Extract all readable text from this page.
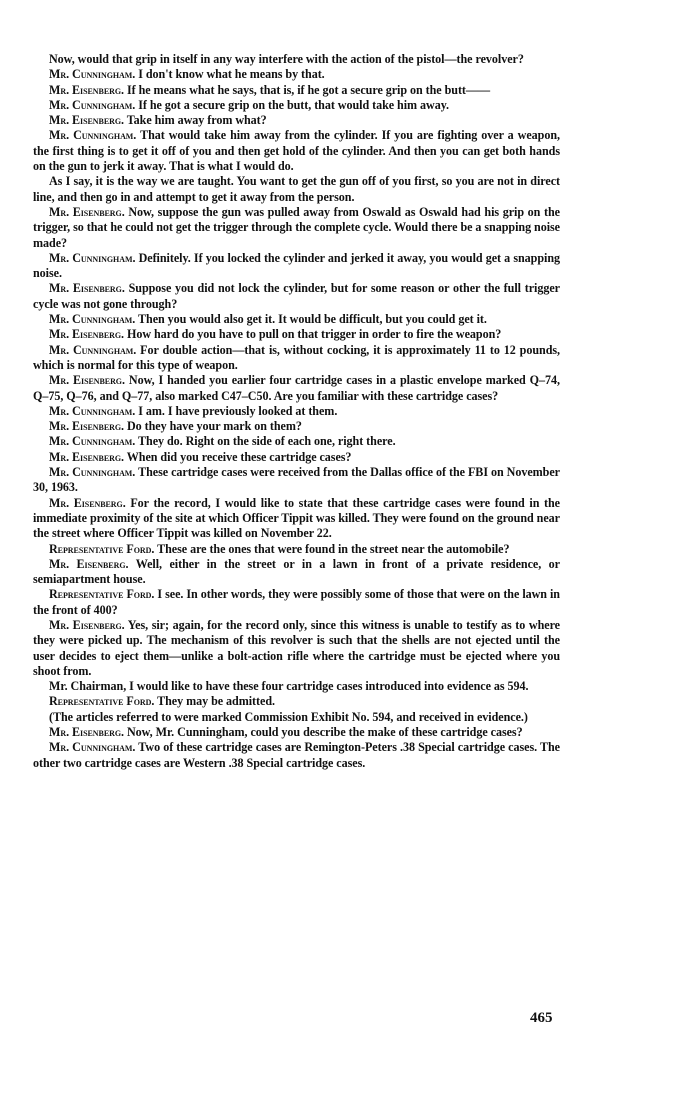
Now, would that grip in itself in any way interfere with the action of the pistol—the revolver?

Mr. Cunningham. I don't know what he means by that.

Mr. Eisenberg. If he means what he says, that is, if he got a secure grip on the butt——

Mr. Cunningham. If he got a secure grip on the butt, that would take him away.

Mr. Eisenberg. Take him away from what?

Mr. Cunningham. That would take him away from the cylinder. If you are fighting over a weapon, the first thing is to get it off of you and then get hold of the cylinder. And then you can get both hands on the gun to jerk it away. That is what I would do.

As I say, it is the way we are taught. You want to get the gun off of you first, so you are not in direct line, and then go in and attempt to get it away from the person.

Mr. Eisenberg. Now, suppose the gun was pulled away from Oswald as Oswald had his grip on the trigger, so that he could not get the trigger through the complete cycle. Would there be a snapping noise made?

Mr. Cunningham. Definitely. If you locked the cylinder and jerked it away, you would get a snapping noise.

Mr. Eisenberg. Suppose you did not lock the cylinder, but for some reason or other the full trigger cycle was not gone through?

Mr. Cunningham. Then you would also get it. It would be difficult, but you could get it.

Mr. Eisenberg. How hard do you have to pull on that trigger in order to fire the weapon?

Mr. Cunningham. For double action—that is, without cocking, it is approximately 11 to 12 pounds, which is normal for this type of weapon.

Mr. Eisenberg. Now, I handed you earlier four cartridge cases in a plastic envelope marked Q–74, Q–75, Q–76, and Q–77, also marked C47–C50. Are you familiar with these cartridge cases?

Mr. Cunningham. I am. I have previously looked at them.

Mr. Eisenberg. Do they have your mark on them?

Mr. Cunningham. They do. Right on the side of each one, right there.

Mr. Eisenberg. When did you receive these cartridge cases?

Mr. Cunningham. These cartridge cases were received from the Dallas office of the FBI on November 30, 1963.

Mr. Eisenberg. For the record, I would like to state that these cartridge cases were found in the immediate proximity of the site at which Officer Tippit was killed. They were found on the ground near the street where Officer Tippit was killed on November 22.

Representative Ford. These are the ones that were found in the street near the automobile?

Mr. Eisenberg. Well, either in the street or in a lawn in front of a private residence, or semiapartment house.

Representative Ford. I see. In other words, they were possibly some of those that were on the lawn in the front of 400?

Mr. Eisenberg. Yes, sir; again, for the record only, since this witness is unable to testify as to where they were picked up. The mechanism of this revolver is such that the shells are not ejected until the user decides to eject them—unlike a bolt-action rifle where the cartridge must be ejected where you shoot from.

Mr. Chairman, I would like to have these four cartridge cases introduced into evidence as 594.

Representative Ford. They may be admitted.

(The articles referred to were marked Commission Exhibit No. 594, and received in evidence.)

Mr. Eisenberg. Now, Mr. Cunningham, could you describe the make of these cartridge cases?

Mr. Cunningham. Two of these cartridge cases are Remington-Peters .38 Special cartridge cases. The other two cartridge cases are Western .38 Special cartridge cases.

465
